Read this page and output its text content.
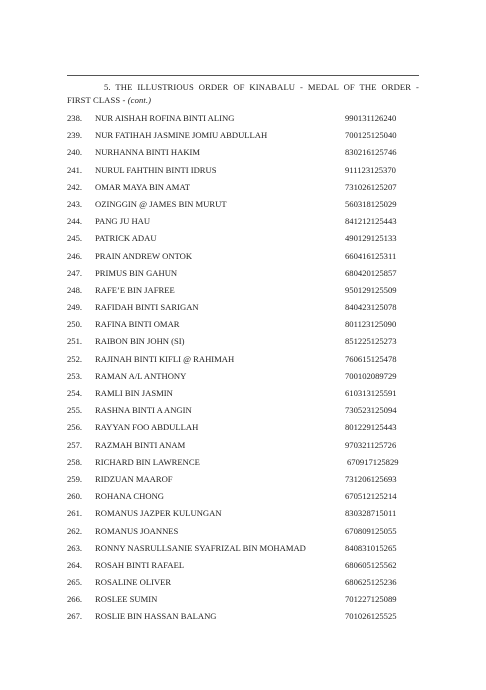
5. THE ILLUSTRIOUS ORDER OF KINABALU - MEDAL OF THE ORDER -
FIRST CLASS - (cont.)
238. NUR AISHAH ROFINA BINTI ALING	990131126240
239. NUR FATIHAH JASMINE JOMIU ABDULLAH	700125125040
240. NURHANNA BINTI HAKIM	830216125746
241. NURUL FAHTHIN BINTI IDRUS	911123125370
242. OMAR MAYA BIN AMAT	731026125207
243. OZINGGIN @ JAMES BIN MURUT	560318125029
244. PANG JU HAU	841212125443
245. PATRICK ADAU	490129125133
246. PRAIN ANDREW ONTOK	660416125311
247. PRIMUS BIN GAHUN	680420125857
248. RAFE’E BIN JAFREE	950129125509
249. RAFIDAH BINTI SARIGAN	840423125078
250. RAFINA BINTI OMAR	801123125090
251. RAIBON BIN JOHN (SI)	851225125273
252. RAJINAH BINTI KIFLI @ RAHIMAH	760615125478
253. RAMAN A/L ANTHONY	700102089729
254. RAMLI BIN JASMIN	610313125591
255. RASHNA BINTI A ANGIN	730523125094
256. RAYYAN FOO ABDULLAH	801229125443
257. RAZMAH BINTI ANAM	970321125726
258. RICHARD BIN LAWRENCE	670917125829
259. RIDZUAN MAAROF	731206125693
260. ROHANA CHONG	670512125214
261. ROMANUS JAZPER KULUNGAN	830328715011
262. ROMANUS JOANNES	670809125055
263. RONNY NASRULLSANIE SYAFRIZAL BIN MOHAMAD	840831015265
264. ROSAH BINTI RAFAEL	680605125562
265. ROSALINE OLIVER	680625125236
266. ROSLEE SUMIN	701227125089
267. ROSLIE BIN HASSAN BALANG	701026125525
